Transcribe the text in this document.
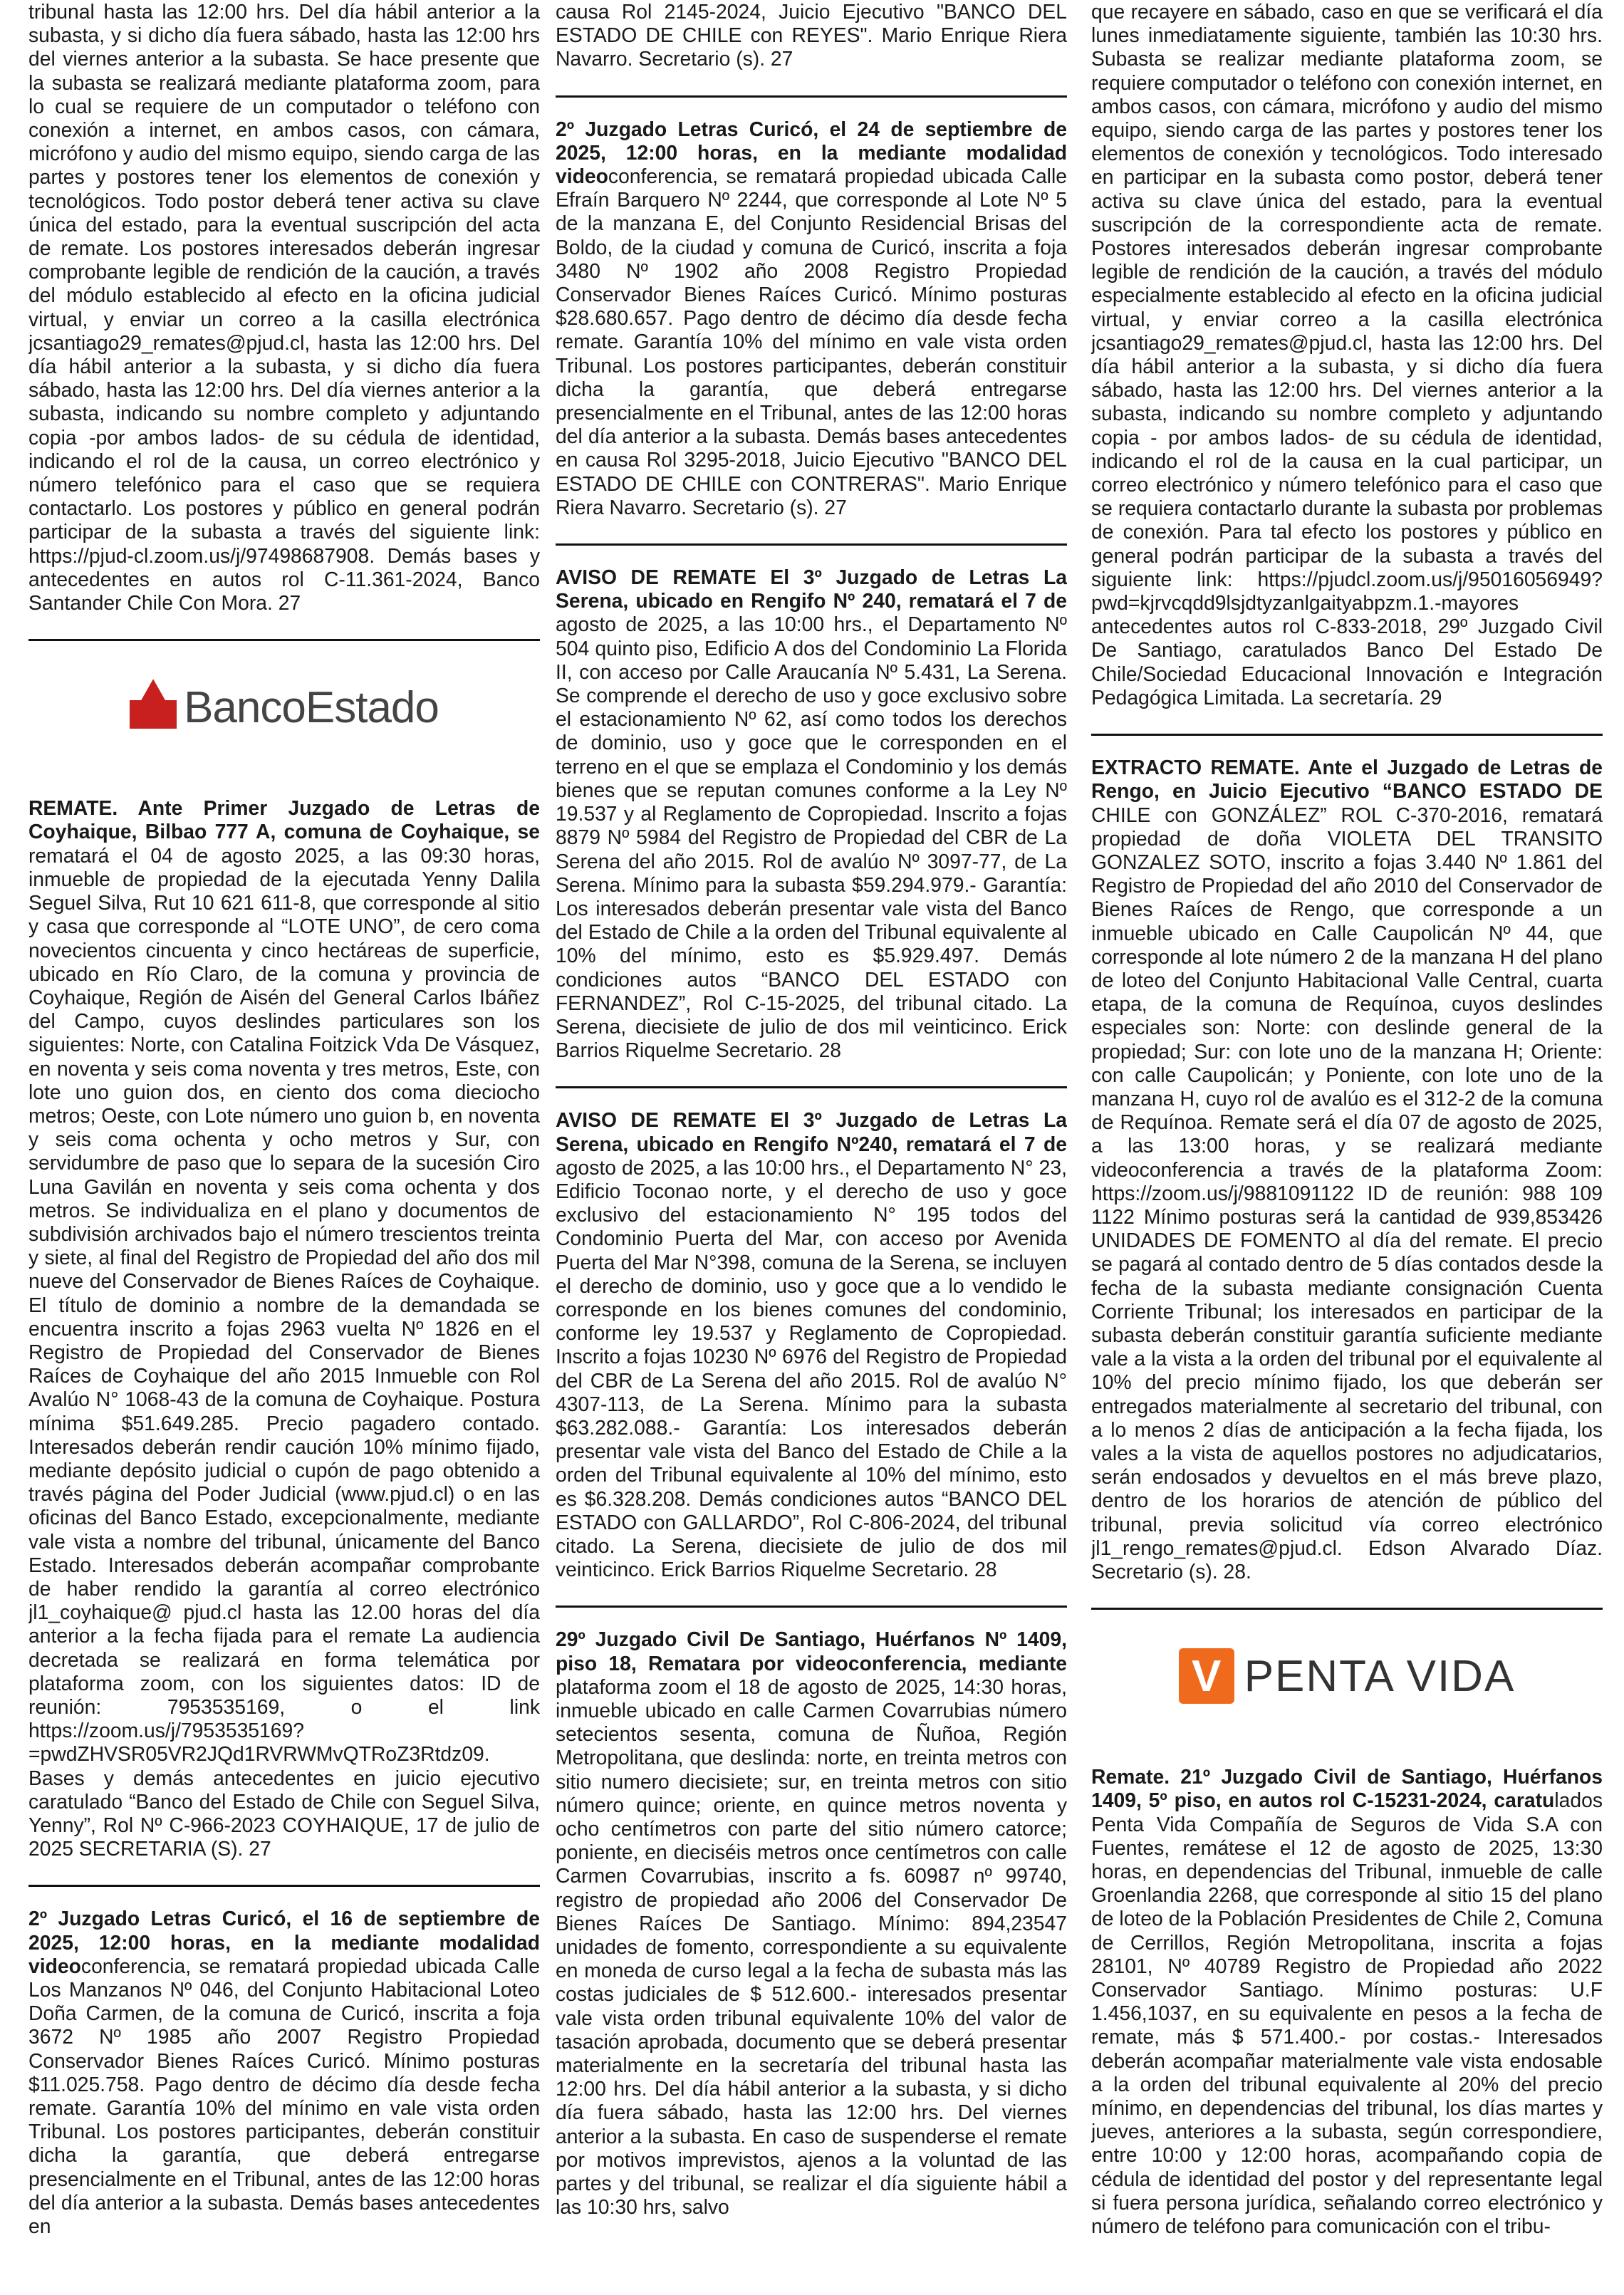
tribunal hasta las 12:00 hrs. Del día hábil anterior a la subasta, y si dicho día fuera sábado, hasta las 12:00 hrs del viernes anterior a la subasta. Se hace presente que la subasta se realizará mediante plataforma zoom, para lo cual se requiere de un computador o teléfono con conexión a internet, en ambos casos, con cámara, micrófono y audio del mismo equipo, siendo carga de las partes y postores tener los elementos de conexión y tecnológicos. Todo postor deberá tener activa su clave única del estado, para la eventual suscripción del acta de remate. Los postores interesados deberán ingresar comprobante legible de rendición de la caución, a través del módulo establecido al efecto en la oficina judicial virtual, y enviar un correo a la casilla electrónica jcsantiago29_remates@pjud.cl, hasta las 12:00 hrs. Del día hábil anterior a la subasta, y si dicho día fuera sábado, hasta las 12:00 hrs. Del día viernes anterior a la subasta, indicando su nombre completo y adjuntando copia -por ambos lados- de su cédula de identidad, indicando el rol de la causa, un correo electrónico y número telefónico para el caso que se requiera contactarlo. Los postores y público en general podrán participar de la subasta a través del siguiente link: https://pjud-cl.zoom.us/j/97498687908. Demás bases y antecedentes en autos rol C-11.361-2024, Banco Santander Chile Con Mora. 27

BancoEstado

REMATE. Ante Primer Juzgado de Letras de Coyhaique, Bilbao 777 A, comuna de Coyhaique, se rematará el 04 de agosto 2025, a las 09:30 horas, inmueble de propiedad de la ejecutada Yenny Dalila Seguel Silva, Rut 10 621 611-8, que corresponde al sitio y casa que corresponde al “LOTE UNO”, de cero coma novecientos cincuenta y cinco hectáreas de superficie, ubicado en Río Claro, de la comuna y provincia de Coyhaique, Región de Aisén del General Carlos Ibáñez del Campo, cuyos deslindes particulares son los siguientes: Norte, con Catalina Foitzick Vda De Vásquez, en noventa y seis coma noventa y tres metros, Este, con lote uno guion dos, en ciento dos coma dieciocho metros; Oeste, con Lote número uno guion b, en noventa y seis coma ochenta y ocho metros y Sur, con servidumbre de paso que lo separa de la sucesión Ciro Luna Gavilán en noventa y seis coma ochenta y dos metros. Se individualiza en el plano y documentos de subdivisión archivados bajo el número trescientos treinta y siete, al final del Registro de Propiedad del año dos mil nueve del Conservador de Bienes Raíces de Coyhaique. El título de dominio a nombre de la demandada se encuentra inscrito a fojas 2963 vuelta Nº 1826 en el Registro de Propiedad del Conservador de Bienes Raíces de Coyhaique del año 2015 Inmueble con Rol Avalúo N° 1068-43 de la comuna de Coyhaique. Postura mínima $51.649.285. Precio pagadero contado. Interesados deberán rendir caución 10% mínimo fijado, mediante depósito judicial o cupón de pago obtenido a través página del Poder Judicial (www.pjud.cl) o en las oficinas del Banco Estado, excepcionalmente, mediante vale vista a nombre del tribunal, únicamente del Banco Estado. Interesados deberán acompañar comprobante de haber rendido la garantía al correo electrónico jl1_coyhaique@ pjud.cl hasta las 12.00 horas del día anterior a la fecha fijada para el remate La audiencia decretada se realizará en forma telemática por plataforma zoom, con los siguientes datos: ID de reunión: 7953535169, o el link https://zoom.us/j/7953535169?=pwdZHVSR05VR2JQd1RVRWMvQTRoZ3Rtdz09. Bases y demás antecedentes en juicio ejecutivo caratulado “Banco del Estado de Chile con Seguel Silva, Yenny”, Rol Nº C-966-2023 COYHAIQUE, 17 de julio de 2025 SECRETARIA (S). 27

2º Juzgado Letras Curicó, el 16 de septiembre de 2025, 12:00 horas, en la mediante modalidad videoconferencia, se rematará propiedad ubicada Calle Los Manzanos Nº 046, del Conjunto Habitacional Loteo Doña Carmen, de la comuna de Curicó, inscrita a foja 3672 Nº 1985 año 2007 Registro Propiedad Conservador Bienes Raíces Curicó. Mínimo posturas $11.025.758. Pago dentro de décimo día desde fecha remate. Garantía 10% del mínimo en vale vista orden Tribunal. Los postores participantes, deberán constituir dicha la garantía, que deberá entregarse presencialmente en el Tribunal, antes de las 12:00 horas del día anterior a la subasta. Demás bases antecedentes en

causa Rol 2145-2024, Juicio Ejecutivo "BANCO DEL ESTADO DE CHILE con REYES". Mario Enrique Riera Navarro. Secretario (s). 27

2º Juzgado Letras Curicó, el 24 de septiembre de 2025, 12:00 horas, en la mediante modalidad videoconferencia, se rematará propiedad ubicada Calle Efraín Barquero Nº 2244, que corresponde al Lote Nº 5 de la manzana E, del Conjunto Residencial Brisas del Boldo, de la ciudad y comuna de Curicó, inscrita a foja 3480 Nº 1902 año 2008 Registro Propiedad Conservador Bienes Raíces Curicó. Mínimo posturas $28.680.657. Pago dentro de décimo día desde fecha remate. Garantía 10% del mínimo en vale vista orden Tribunal. Los postores participantes, deberán constituir dicha la garantía, que deberá entregarse presencialmente en el Tribunal, antes de las 12:00 horas del día anterior a la subasta. Demás bases antecedentes en causa Rol 3295-2018, Juicio Ejecutivo "BANCO DEL ESTADO DE CHILE con CONTRERAS". Mario Enrique Riera Navarro. Secretario (s). 27

AVISO DE REMATE El 3º Juzgado de Letras La Serena, ubicado en Rengifo Nº 240, rematará el 7 de agosto de 2025, a las 10:00 hrs., el Departamento Nº 504 quinto piso, Edificio A dos del Condominio La Florida II, con acceso por Calle Araucanía Nº 5.431, La Serena. Se comprende el derecho de uso y goce exclusivo sobre el estacionamiento Nº 62, así como todos los derechos de dominio, uso y goce que le corresponden en el terreno en el que se emplaza el Condominio y los demás bienes que se reputan comunes conforme a la Ley Nº 19.537 y al Reglamento de Copropiedad. Inscrito a fojas 8879 Nº 5984 del Registro de Propiedad del CBR de La Serena del año 2015. Rol de avalúo Nº 3097-77, de La Serena. Mínimo para la subasta $59.294.979.- Garantía: Los interesados deberán presentar vale vista del Banco del Estado de Chile a la orden del Tribunal equivalente al 10% del mínimo, esto es $5.929.497. Demás condiciones autos “BANCO DEL ESTADO con FERNANDEZ”, Rol C-15-2025, del tribunal citado. La Serena, diecisiete de julio de dos mil veinticinco. Erick Barrios Riquelme Secretario. 28

AVISO DE REMATE El 3º Juzgado de Letras La Serena, ubicado en Rengifo Nº240, rematará el 7 de agosto de 2025, a las 10:00 hrs., el Departamento N° 23, Edificio Toconao norte, y el derecho de uso y goce exclusivo del estacionamiento N° 195 todos del Condominio Puerta del Mar, con acceso por Avenida Puerta del Mar N°398, comuna de la Serena, se incluyen el derecho de dominio, uso y goce que a lo vendido le corresponde en los bienes comunes del condominio, conforme ley 19.537 y Reglamento de Copropiedad. Inscrito a fojas 10230 Nº 6976 del Registro de Propiedad del CBR de La Serena del año 2015. Rol de avalúo N° 4307-113, de La Serena. Mínimo para la subasta $63.282.088.- Garantía: Los interesados deberán presentar vale vista del Banco del Estado de Chile a la orden del Tribunal equivalente al 10% del mínimo, esto es $6.328.208. Demás condiciones autos “BANCO DEL ESTADO con GALLARDO”, Rol C-806-2024, del tribunal citado. La Serena, diecisiete de julio de dos mil veinticinco. Erick Barrios Riquelme Secretario. 28

29º Juzgado Civil De Santiago, Huérfanos Nº 1409, piso 18, Rematara por videoconferencia, mediante plataforma zoom el 18 de agosto de 2025, 14:30 horas, inmueble ubicado en calle Carmen Covarrubias número setecientos sesenta, comuna de Ñuñoa, Región Metropolitana, que deslinda: norte, en treinta metros con sitio numero diecisiete; sur, en treinta metros con sitio número quince; oriente, en quince metros noventa y ocho centímetros con parte del sitio número catorce; poniente, en dieciséis metros once centímetros con calle Carmen Covarrubias, inscrito a fs. 60987 nº 99740, registro de propiedad año 2006 del Conservador De Bienes Raíces De Santiago. Mínimo: 894,23547 unidades de fomento, correspondiente a su equivalente en moneda de curso legal a la fecha de subasta más las costas judiciales de $ 512.600.- interesados presentar vale vista orden tribunal equivalente 10% del valor de tasación aprobada, documento que se deberá presentar materialmente en la secretaría del tribunal hasta las 12:00 hrs. Del día hábil anterior a la subasta, y si dicho día fuera sábado, hasta las 12:00 hrs. Del viernes anterior a la subasta. En caso de suspenderse el remate por motivos imprevistos, ajenos a la voluntad de las partes y del tribunal, se realizar el día siguiente hábil a las 10:30 hrs, salvo

que recayere en sábado, caso en que se verificará el día lunes inmediatamente siguiente, también las 10:30 hrs. Subasta se realizar mediante plataforma zoom, se requiere computador o teléfono con conexión internet, en ambos casos, con cámara, micrófono y audio del mismo equipo, siendo carga de las partes y postores tener los elementos de conexión y tecnológicos. Todo interesado en participar en la subasta como postor, deberá tener activa su clave única del estado, para la eventual suscripción de la correspondiente acta de remate. Postores interesados deberán ingresar comprobante legible de rendición de la caución, a través del módulo especialmente establecido al efecto en la oficina judicial virtual, y enviar correo a la casilla electrónica jcsantiago29_remates@pjud.cl, hasta las 12:00 hrs. Del día hábil anterior a la subasta, y si dicho día fuera sábado, hasta las 12:00 hrs. Del viernes anterior a la subasta, indicando su nombre completo y adjuntando copia - por ambos lados- de su cédula de identidad, indicando el rol de la causa en la cual participar, un correo electrónico y número telefónico para el caso que se requiera contactarlo durante la subasta por problemas de conexión. Para tal efecto los postores y público en general podrán participar de la subasta a través del siguiente link: https://pjudcl.zoom.us/j/95016056949?pwd=kjrvcqdd9lsjdtyzanlgaityabpzm.1.-mayores antecedentes autos rol C-833-2018, 29º Juzgado Civil De Santiago, caratulados Banco Del Estado De Chile/Sociedad Educacional Innovación e Integración Pedagógica Limitada. La secretaría. 29

EXTRACTO REMATE. Ante el Juzgado de Letras de Rengo, en Juicio Ejecutivo “BANCO ESTADO DE CHILE con GONZÁLEZ” ROL C-370-2016, rematará propiedad de doña VIOLETA DEL TRANSITO GONZALEZ SOTO, inscrito a fojas 3.440 Nº 1.861 del Registro de Propiedad del año 2010 del Conservador de Bienes Raíces de Rengo, que corresponde a un inmueble ubicado en Calle Caupolicán Nº 44, que corresponde al lote número 2 de la manzana H del plano de loteo del Conjunto Habitacional Valle Central, cuarta etapa, de la comuna de Requínoa, cuyos deslindes especiales son: Norte: con deslinde general de la propiedad; Sur: con lote uno de la manzana H; Oriente: con calle Caupolicán; y Poniente, con lote uno de la manzana H, cuyo rol de avalúo es el 312-2 de la comuna de Requínoa. Remate será el día 07 de agosto de 2025, a las 13:00 horas, y se realizará mediante videoconferencia a través de la plataforma Zoom: https://zoom.us/j/9881091122 ID de reunión: 988 109 1122 Mínimo posturas será la cantidad de 939,853426 UNIDADES DE FOMENTO al día del remate. El precio se pagará al contado dentro de 5 días contados desde la fecha de la subasta mediante consignación Cuenta Corriente Tribunal; los interesados en participar de la subasta deberán constituir garantía suficiente mediante vale a la vista a la orden del tribunal por el equivalente al 10% del precio mínimo fijado, los que deberán ser entregados materialmente al secretario del tribunal, con a lo menos 2 días de anticipación a la fecha fijada, los vales a la vista de aquellos postores no adjudicatarios, serán endosados y devueltos en el más breve plazo, dentro de los horarios de atención de público del tribunal, previa solicitud vía correo electrónico jl1_rengo_remates@pjud.cl. Edson Alvarado Díaz. Secretario (s). 28.

V PENTA VIDA

Remate. 21º Juzgado Civil de Santiago, Huérfanos 1409, 5º piso, en autos rol C-15231-2024, caratulados Penta Vida Compañía de Seguros de Vida S.A con Fuentes, remátese el 12 de agosto de 2025, 13:30 horas, en dependencias del Tribunal, inmueble de calle Groenlandia 2268, que corresponde al sitio 15 del plano de loteo de la Población Presidentes de Chile 2, Comuna de Cerrillos, Región Metropolitana, inscrita a fojas 28101, Nº 40789 Registro de Propiedad año 2022 Conservador Santiago. Mínimo posturas: U.F 1.456,1037, en su equivalente en pesos a la fecha de remate, más $ 571.400.- por costas.- Interesados deberán acompañar materialmente vale vista endosable a la orden del tribunal equivalente al 20% del precio mínimo, en dependencias del tribunal, los días martes y jueves, anteriores a la subasta, según correspondiere, entre 10:00 y 12:00 horas, acompañando copia de cédula de identidad del postor y del representante legal si fuera persona jurídica, señalando correo electrónico y número de teléfono para comunicación con el tribu-
